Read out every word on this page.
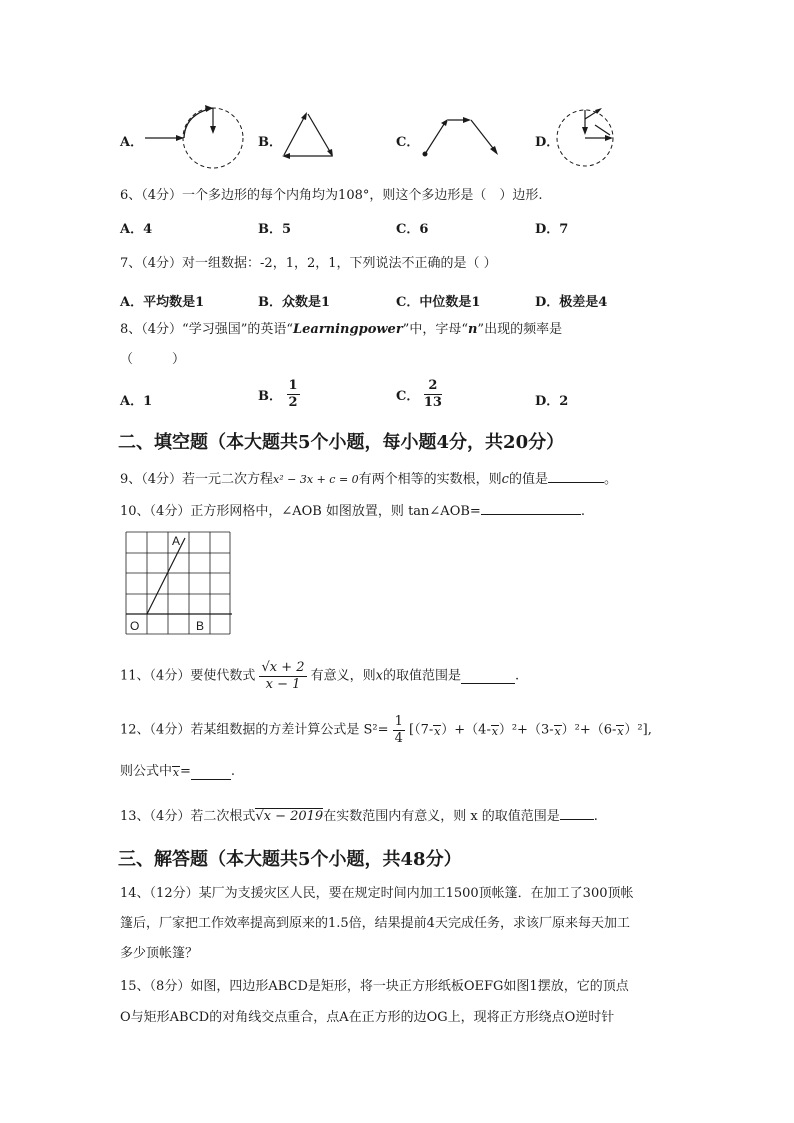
A．	B．	C．	D．
6、（4分）一个多边形的每个内角均为108°，则这个多边形是（　）边形.
A．4	B．5	C．6	D．7
7、（4分）对一组数据：-2，1，2，1，下列说法不正确的是（ ）
A．平均数是1	B．众数是1	C．中位数是1	D．极差是4
8、（4分）“学习强国”的英语“Learningpower”中，字母“n”出现的频率是
（　　　）
A．1	B． $\frac{1}{2}$	C． $\frac{2}{13}$	D．2
二、填空题（本大题共5个小题，每小题4分，共20分）
9、（4分）若一元二次方程x² − 3x + c = 0有两个相等的实数根，则c的值是	。
10、（4分）正方形网格中，∠AOB 如图放置，则 tan∠AOB=	.
A
O	B
11、（4分）要使代数式 $\frac{√x + 2}{x - 1}$ 有意义，则x的取值范围是	.
12、（4分）若某组数据的方差计算公式是 $S^2= \frac{1}{4} [(7-$
x）+（4-
x）²+（3-
x）²+（6-
x）²],
则公式中
x=	.
13、（4分）若二次根式√x − 2019在实数范围内有意义，则 x 的取值范围是	.
三、解答题（本大题共5个小题，共48分）
14、（12分）某厂为支援灾区人民，要在规定时间内加工1500顶帐篷．在加工了300顶帐
篷后，厂家把工作效率提高到原来的1.5倍，结果提前4天完成任务，求该厂原来每天加工
多少顶帐篷？
15、（8分）如图，四边形ABCD是矩形，将一块正方形纸板OEFG如图1摆放，它的顶点
O与矩形ABCD的对角线交点重合，点A在正方形的边OG上，现将正方形绕点O逆时针
